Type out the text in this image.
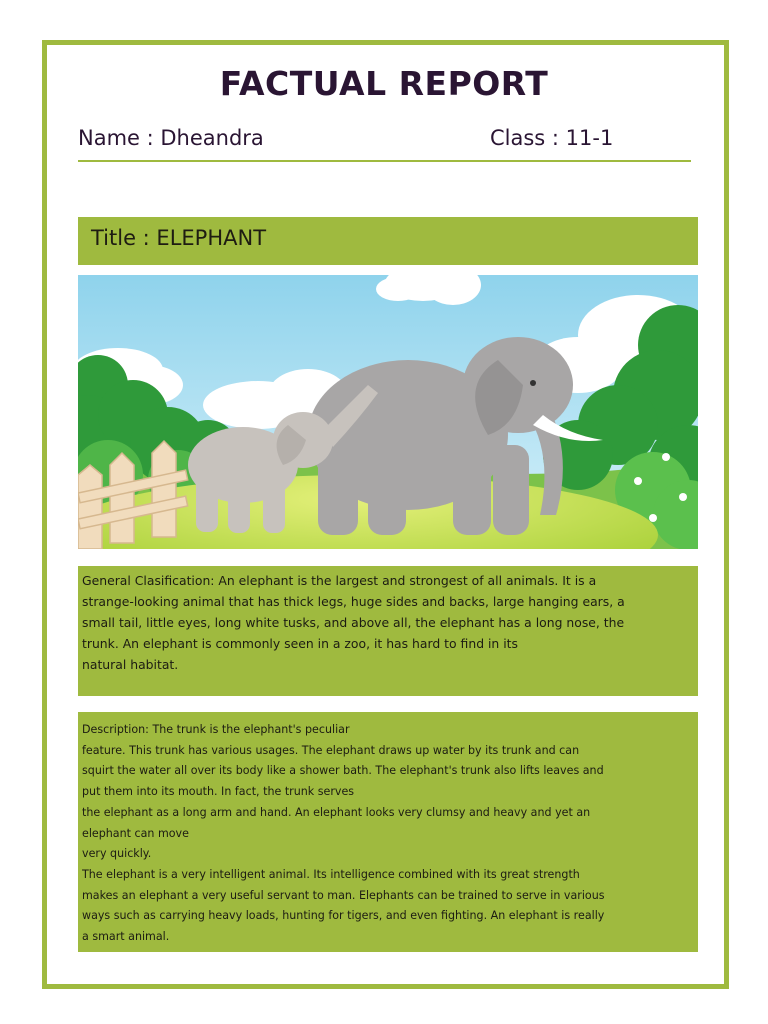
FACTUAL REPORT
Name : Dheandra	Class : 11-1
Title : ELEPHANT
General Clasification: An elephant is the largest and strongest of all animals. It is a
strange-looking animal that has thick legs, huge sides and backs, large hanging ears, a
small tail, little eyes, long white tusks, and above all, the elephant has a long nose, the
trunk. An elephant is commonly seen in a zoo, it has hard to find in its
natural habitat.
Description: The trunk is the elephant's peculiar
feature. This trunk has various usages. The elephant draws up water by its trunk and can
squirt the water all over its body like a shower bath. The elephant's trunk also lifts leaves and
put them into its mouth. In fact, the trunk serves
the elephant as a long arm and hand. An elephant looks very clumsy and heavy and yet an
elephant can move
very quickly.
The elephant is a very intelligent animal. Its intelligence combined with its great strength
makes an elephant a very useful servant to man. Elephants can be trained to serve in various
ways such as carrying heavy loads, hunting for tigers, and even fighting. An elephant is really
a smart animal.
